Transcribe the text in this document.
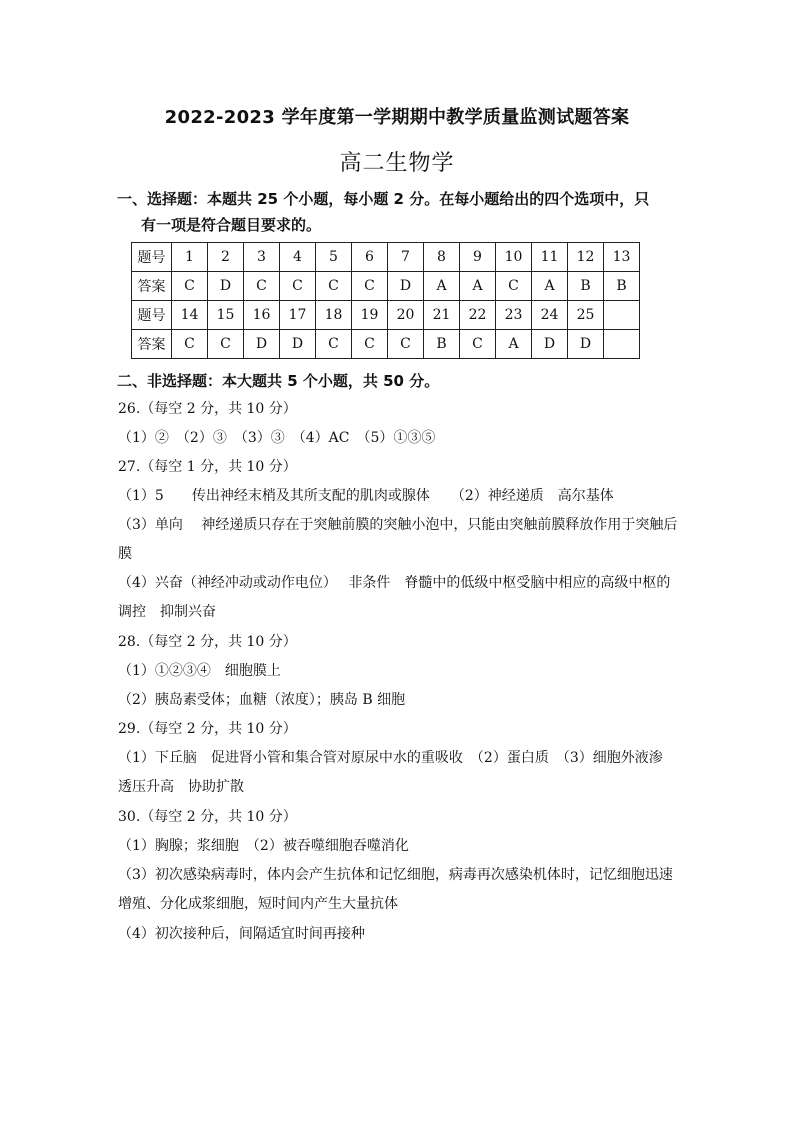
2022-2023 学年度第一学期期中教学质量监测试题答案
高二生物学
一、选择题：本题共 25 个小题，每小题 2 分。在每小题给出的四个选项中，只
有一项是符合题目要求的。
题号	1	2	3	4	5	6	7	8	9	10	11	12	13
答案	C	D	C	C	C	C	D	A	A	C	A	B	B
题号	14	15	16	17	18	19	20	21	22	23	24	25	
答案	C	C	D	D	C	C	C	B	C	A	D	D	
二、非选择题：本大题共 5 个小题，共 50 分。
26.（每空 2 分，共 10 分）
（1）②　（2）③　（3）③　（4）AC　（5）①③⑤
27.（每空 1 分，共 10 分）
（1）5　　传出神经末梢及其所支配的肌肉或腺体　　（2）神经递质　高尔基体
（3）单向　 神经递质只存在于突触前膜的突触小泡中，只能由突触前膜释放作用于突触后
膜
（4）兴奋（神经冲动或动作电位）　 非条件　脊髓中的低级中枢受脑中相应的高级中枢的
调控　抑制兴奋
28.（每空 2 分，共 10 分）
（1）①②③④　细胞膜上
（2）胰岛素受体；血糖（浓度）；胰岛 B 细胞
29.（每空 2 分，共 10 分）
（1）下丘脑　促进肾小管和集合管对原尿中水的重吸收　（2）蛋白质　（3）细胞外液渗
透压升高　协助扩散
30.（每空 2 分，共 10 分）
（1）胸腺；浆细胞　（2）被吞噬细胞吞噬消化
（3）初次感染病毒时，体内会产生抗体和记忆细胞，病毒再次感染机体时，记忆细胞迅速
增殖、分化成浆细胞，短时间内产生大量抗体
（4）初次接种后，间隔适宜时间再接种
